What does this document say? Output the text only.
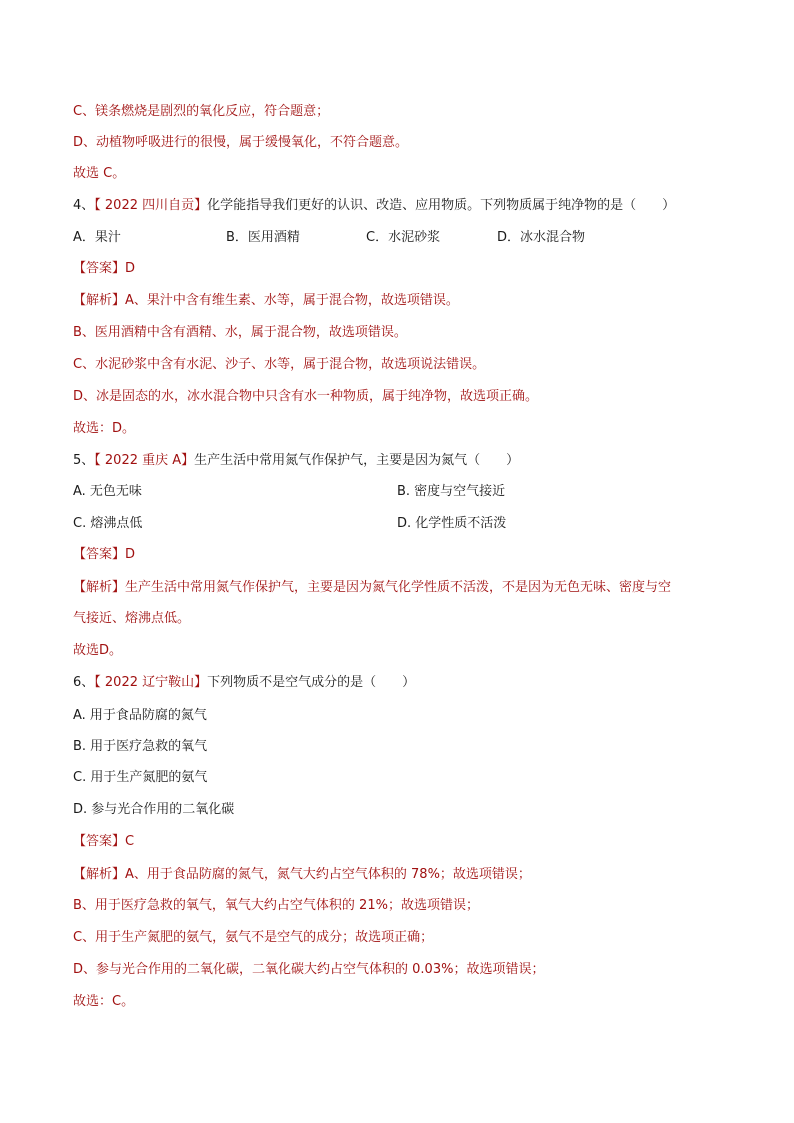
C、镁条燃烧是剧烈的氧化反应，符合题意；
D、动植物呼吸进行的很慢，属于缓慢氧化，不符合题意。
故选 C。
4、【 2022 四川自贡】化学能指导我们更好的认识、改造、应用物质。下列物质属于纯净物的是（　　）
A．果汁	B．医用酒精	C．水泥砂浆	D．冰水混合物
【答案】D
【解析】A、果汁中含有维生素、水等，属于混合物，故选项错误。
B、医用酒精中含有酒精、水，属于混合物，故选项错误。
C、水泥砂浆中含有水泥、沙子、水等，属于混合物，故选项说法错误。
D、冰是固态的水，冰水混合物中只含有水一种物质，属于纯净物，故选项正确。
故选：D。
5、【 2022 重庆 A】生产生活中常用氮气作保护气，主要是因为氮气（　　）
A. 无色无味	B. 密度与空气接近
C. 熔沸点低	D. 化学性质不活泼
【答案】D
【解析】生产生活中常用氮气作保护气，主要是因为氮气化学性质不活泼，不是因为无色无味、密度与空
气接近、熔沸点低。
故选D。
6、【 2022 辽宁鞍山】下列物质不是空气成分的是（　　）
A. 用于食品防腐的氮气
B. 用于医疗急救的氧气
C. 用于生产氮肥的氨气
D. 参与光合作用的二氧化碳
【答案】C
【解析】A、用于食品防腐的氮气，氮气大约占空气体积的 78%；故选项错误；
B、用于医疗急救的氧气，氧气大约占空气体积的 21%；故选项错误；
C、用于生产氮肥的氨气，氨气不是空气的成分；故选项正确；
D、参与光合作用的二氧化碳，二氧化碳大约占空气体积的 0.03%；故选项错误；
故选：C。
